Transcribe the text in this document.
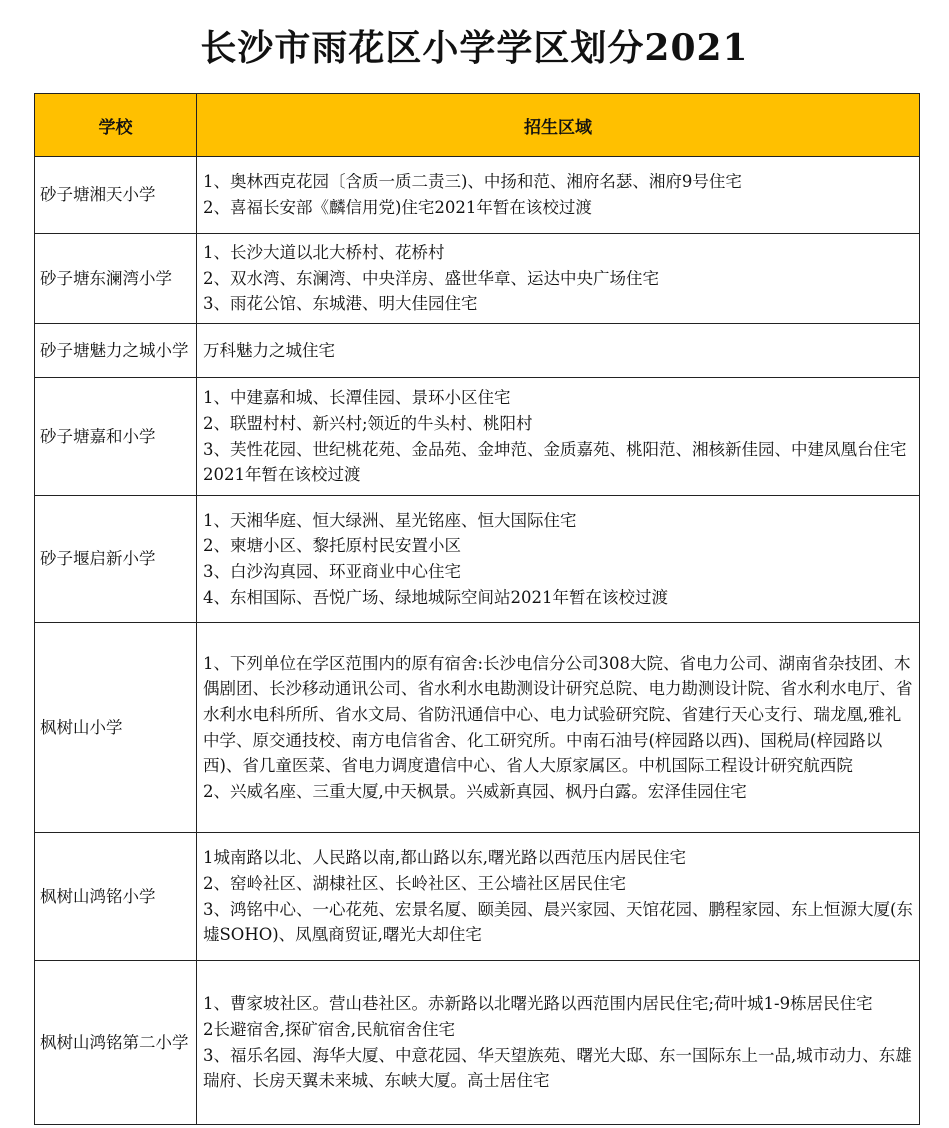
长沙市雨花区小学学区划分2021
学校	招生区域
砂子塘湘天小学	1、奥林西克花园〔含质一质二责三)、中扬和范、湘府名瑟、湘府9号住宅
2、喜福长安部《麟信用党)住宅2021年暂在该校过渡

砂子塘东澜湾小学	1、长沙大道以北大桥村、花桥村
2、双水湾、东澜湾、中央洋房、盛世华章、运达中央广场住宅
3、雨花公馆、东城港、明大佳园住宅

砂子塘魅力之城小学	万科魅力之城住宅

砂子塘嘉和小学	1、中建嘉和城、长潭佳园、景环小区住宅
2、联盟村村、新兴村;领近的牛头村、桃阳村
3、芙性花园、世纪桃花苑、金品苑、金坤范、金质嘉苑、桃阳范、湘核新佳园、中建凤凰台住宅2021年暂在该校过渡

砂子堰启新小学	1、天湘华庭、恒大绿洲、星光铭座、恒大国际住宅
2、柬塘小区、黎托原村民安置小区
3、白沙沟真园、环亚商业中心住宅
4、东相国际、吾悦广场、绿地城际空间站2021年暂在该校过渡

枫树山小学	1、下列单位在学区范围内的原有宿舍:长沙电信分公司308大院、省电力公司、湖南省杂技团、木偶剧团、长沙移动通讯公司、省水利水电勘测设计研究总院、电力勘测设计院、省水利水电厅、省水利水电科所所、省水文局、省防汛通信中心、电力试验研究院、省建行天心支行、瑞龙凰,雅礼中学、原交通技校、南方电信省舍、化工研究所。中南石油号(梓园路以西)、国税局(梓园路以西)、省几童医菜、省电力调度遣信中心、省人大原家属区。中机国际工程设计研究航西院
2、兴威名座、三重大厦,中天枫景。兴威新真园、枫丹白露。宏泽佳园住宅

枫树山鸿铭小学	1城南路以北、人民路以南,都山路以东,曙光路以西范压内居民住宅
2、窑岭社区、湖棣社区、长岭社区、王公墙社区居民住宅
3、鸿铭中心、一心花苑、宏景名厦、颐美园、晨兴家园、天馆花园、鹏程家园、东上恒源大厦(东墟SOHO)、凤凰商贸证,曙光大却住宅

枫树山鸿铭第二小学	1、曹家坡社区。营山巷社区。赤新路以北曙光路以西范围内居民住宅;荷叶城1-9栋居民住宅
2长避宿舍,探矿宿舍,民航宿舍住宅
3、福乐名园、海华大厦、中意花园、华天望族苑、曙光大邸、东一国际东上一品,城市动力、东雄瑞府、长房天翼未来城、东峡大厦。高士居住宅
